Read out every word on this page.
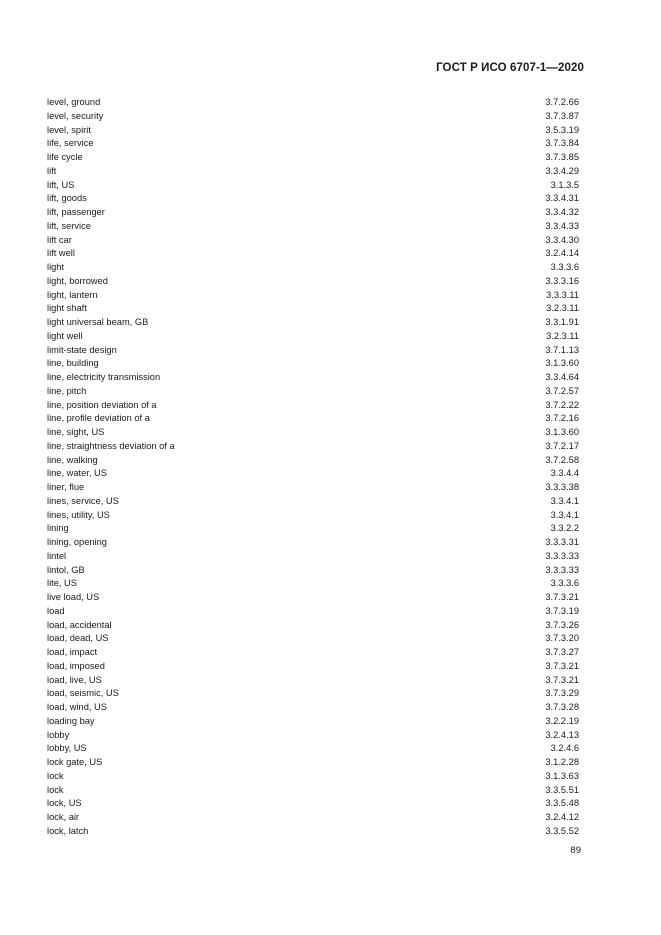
ГОСТ Р ИСО 6707-1—2020
level, ground	3.7.2.66
level, security	3.7.3.87
level, spirit	3.5.3.19
life, service	3.7.3.84
life cycle	3.7.3.85
lift	3.3.4.29
lift, US	3.1.3.5
lift, goods	3.3.4.31
lift, passenger	3.3.4.32
lift, service	3.3.4.33
lift car	3.3.4.30
lift well	3.2.4.14
light	3.3.3.6
light, borrowed	3.3.3.16
light, lantern	3.3.3.11
light shaft	3.2.3.11
light universal beam, GB	3.3.1.91
light well	3.2.3.11
limit-state design	3.7.1.13
line, building	3.1.3.60
line, electricity transmission	3.3.4.64
line, pitch	3.7.2.57
line, position deviation of a	3.7.2.22
line, profile deviation of a	3.7.2.16
line, sight, US	3.1.3.60
line, straightness deviation of a	3.7.2.17
line, walking	3.7.2.58
line, water, US	3.3.4.4
liner, flue	3.3.3.38
lines, service, US	3.3.4.1
lines, utility, US	3.3.4.1
lining	3.3.2.2
lining, opening	3.3.3.31
lintel	3.3.3.33
lintol, GB	3.3.3.33
lite, US	3.3.3.6
live load, US	3.7.3.21
load	3.7.3.19
load, accidental	3.7.3.26
load, dead, US	3.7.3.20
load, impact	3.7.3.27
load, imposed	3.7.3.21
load, live, US	3.7.3.21
load, seismic, US	3.7.3.29
load, wind, US	3.7.3.28
loading bay	3.2.2.19
lobby	3.2.4.13
lobby, US	3.2.4.6
lock gate, US	3.1.2.28
lock	3.1.3.63
lock	3.3.5.51
lock, US	3.3.5.48
lock, air	3.2.4.12
lock, latch	3.3.5.52
89
